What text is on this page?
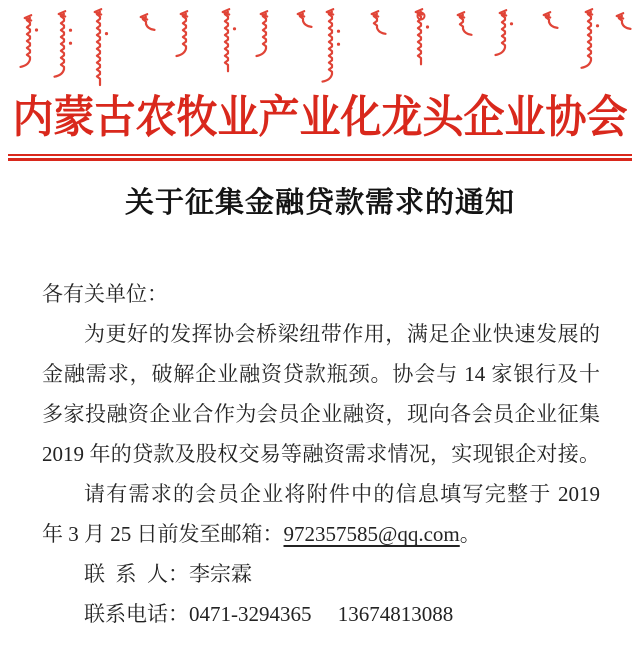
内蒙古农牧业产业化龙头企业协会
关于征集金融贷款需求的通知
各有关单位：
为更好的发挥协会桥梁纽带作用，满足企业快速发展的
金融需求，破解企业融资贷款瓶颈。协会与 14 家银行及十
多家投融资企业合作为会员企业融资，现向各会员企业征集
2019 年的贷款及股权交易等融资需求情况，实现银企对接。
请有需求的会员企业将附件中的信息填写完整于 2019
年 3 月 25 日前发至邮箱：972357585@qq.com。
联  系  人：李宗霖
联系电话：0471-3294365     13674813088
